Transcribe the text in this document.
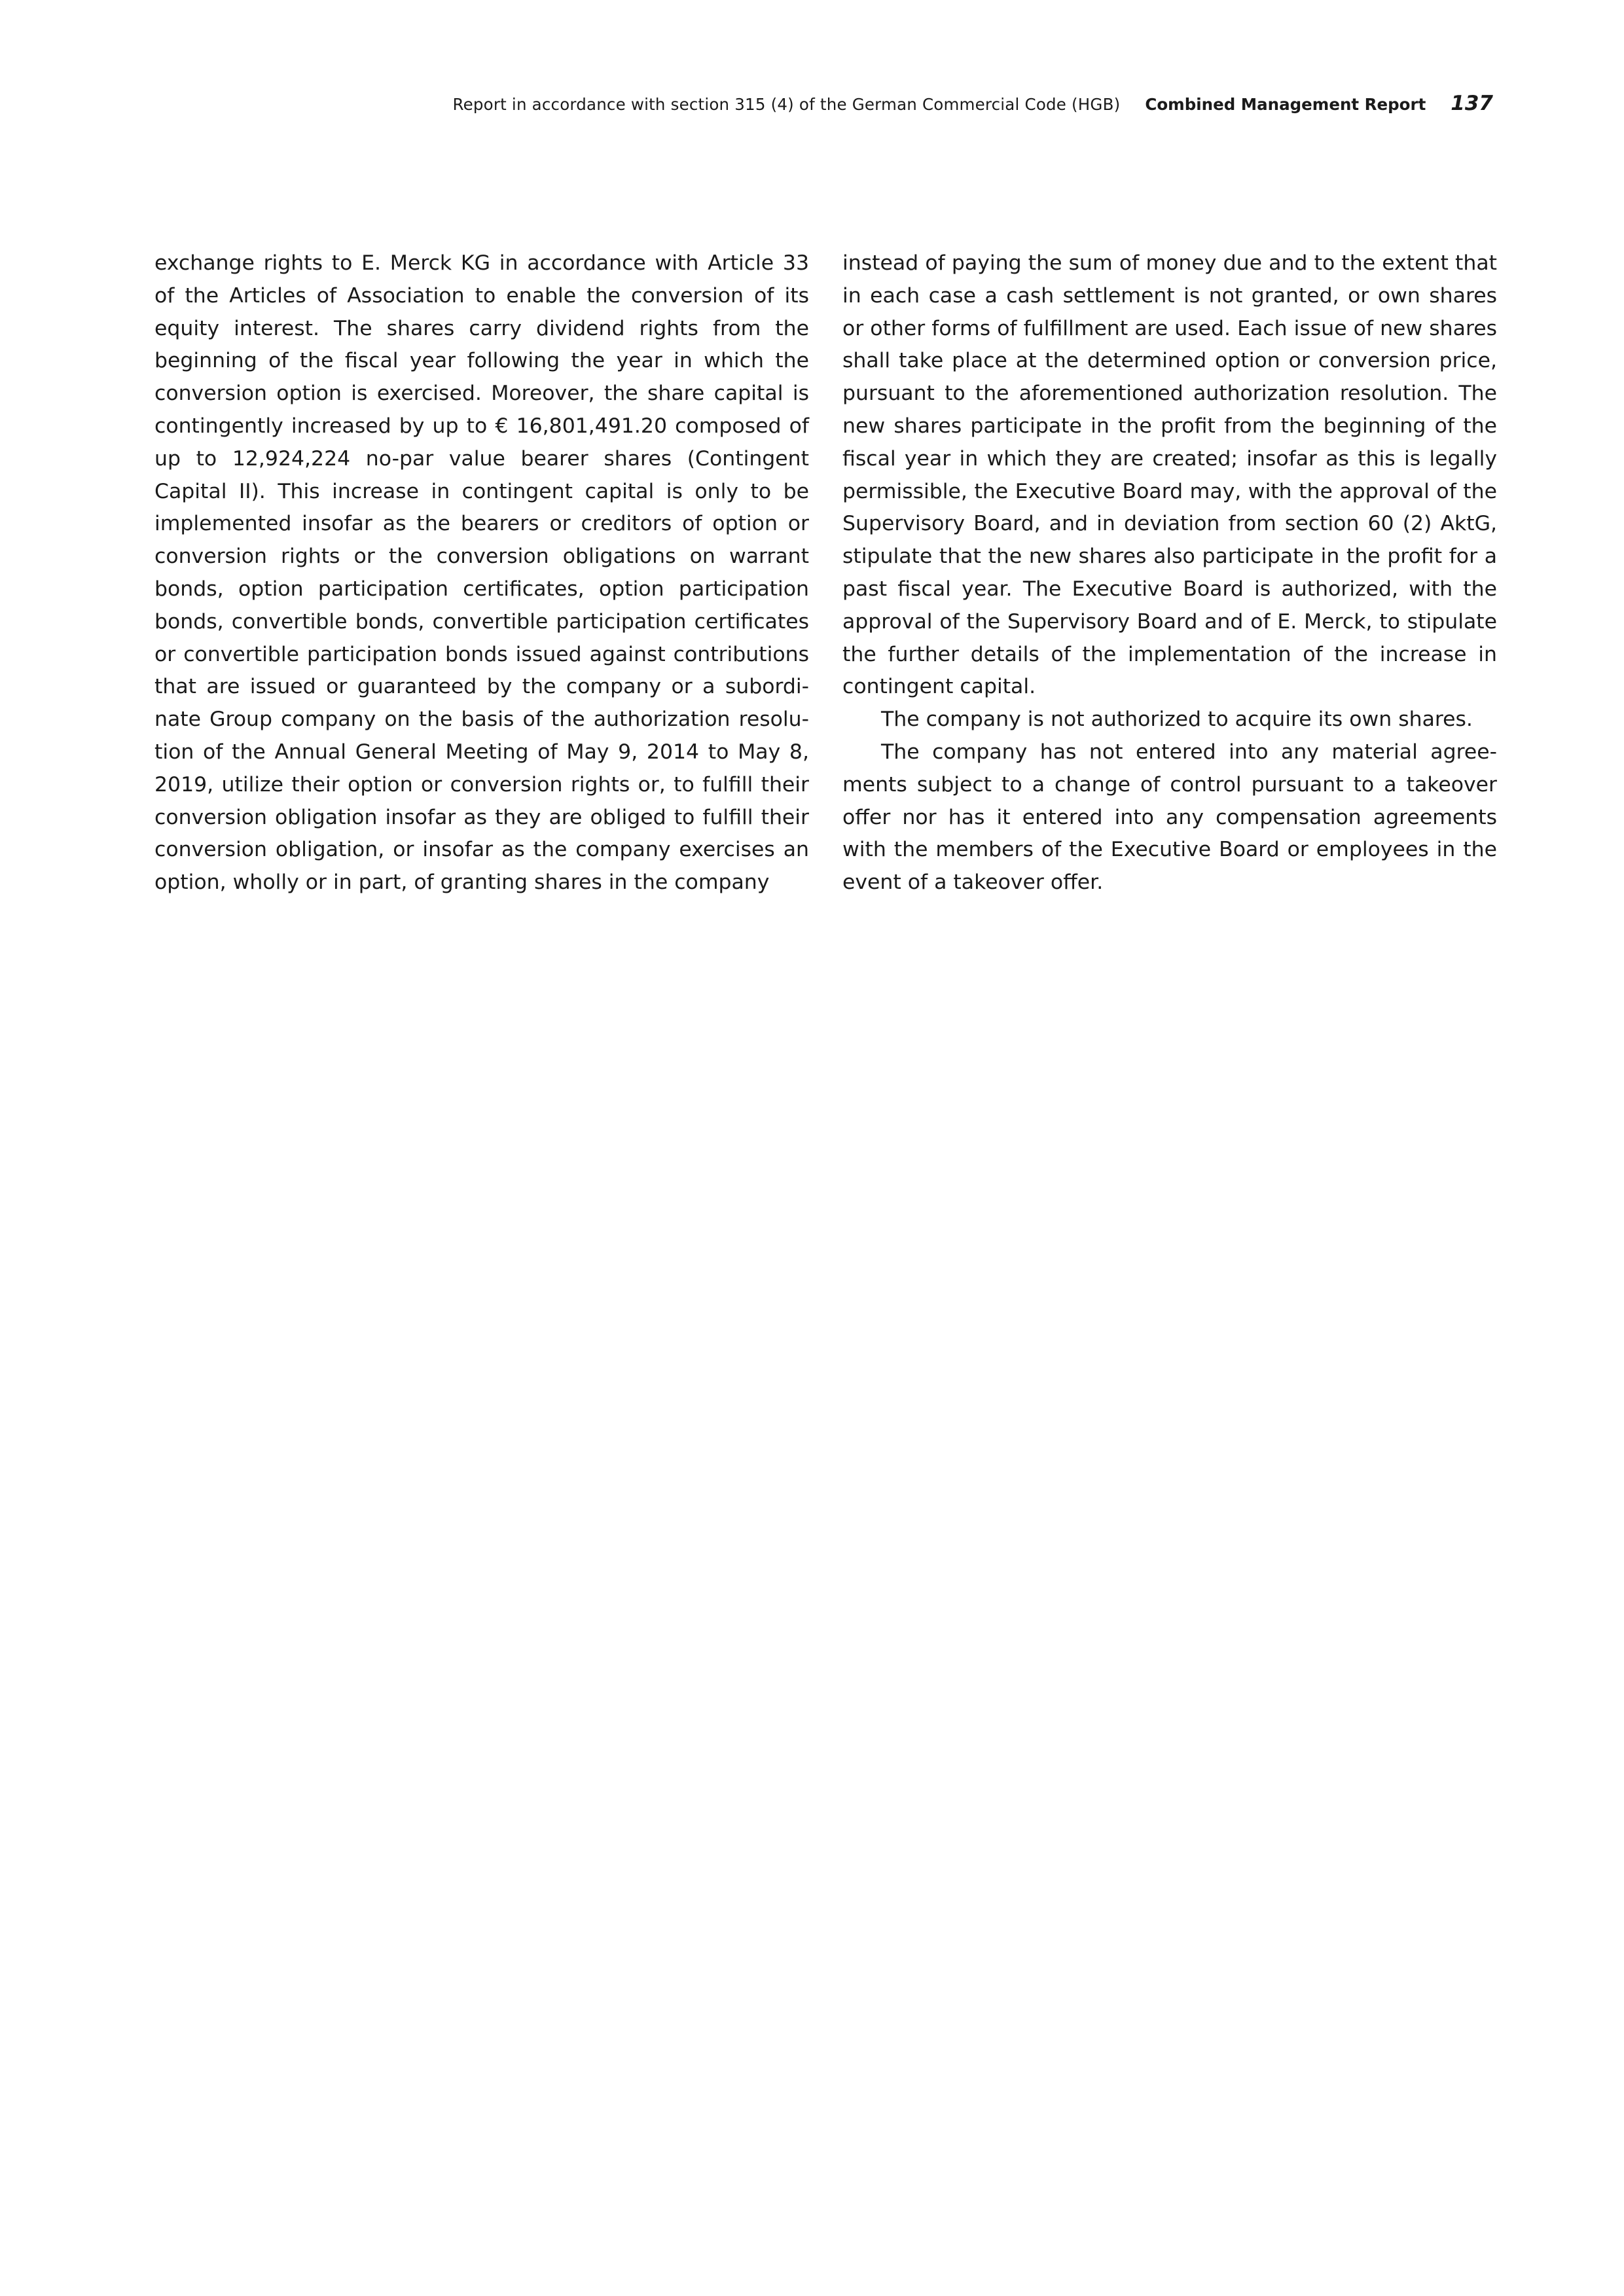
Report in accordance with section 315 (4) of the German Commercial Code (HGB) Combined Management Report 137

exchange rights to E. Merck KG in accordance with Article 33 of the Articles of Association to enable the conversion of its equity interest. The shares carry dividend rights from the beginning of the fiscal year following the year in which the conversion option is exercised. Moreover, the share capital is contingently increased by up to € 16,801,491.20 composed of up to 12,924,224 no-par value bearer shares (Contingent Capital II). This increase in contingent capital is only to be implemented insofar as the bearers or creditors of option or conversion rights or the conversion obligations on warrant bonds, option participation certificates, option participation bonds, convertible bonds, convertible participation certificates or convertible participation bonds issued against contributions that are issued or guaranteed by the company or a subordinate Group company on the basis of the authorization resolution of the Annual General Meeting of May 9, 2014 to May 8, 2019, utilize their option or conversion rights or, to fulfill their conversion obligation insofar as they are obliged to fulfill their conversion obligation, or insofar as the company exercises an option, wholly or in part, of granting shares in the company

instead of paying the sum of money due and to the extent that in each case a cash settlement is not granted, or own shares or other forms of fulfillment are used. Each issue of new shares shall take place at the determined option or conversion price, pursuant to the aforementioned authorization resolution. The new shares participate in the profit from the beginning of the fiscal year in which they are created; insofar as this is legally permissible, the Executive Board may, with the approval of the Supervisory Board, and in deviation from section 60 (2) AktG, stipulate that the new shares also participate in the profit for a past fiscal year. The Executive Board is authorized, with the approval of the Supervisory Board and of E. Merck, to stipulate the further details of the implementation of the increase in contingent capital.

The company is not authorized to acquire its own shares.

The company has not entered into any material agreements subject to a change of control pursuant to a takeover offer nor has it entered into any compensation agreements with the members of the Executive Board or employees in the event of a takeover offer.
